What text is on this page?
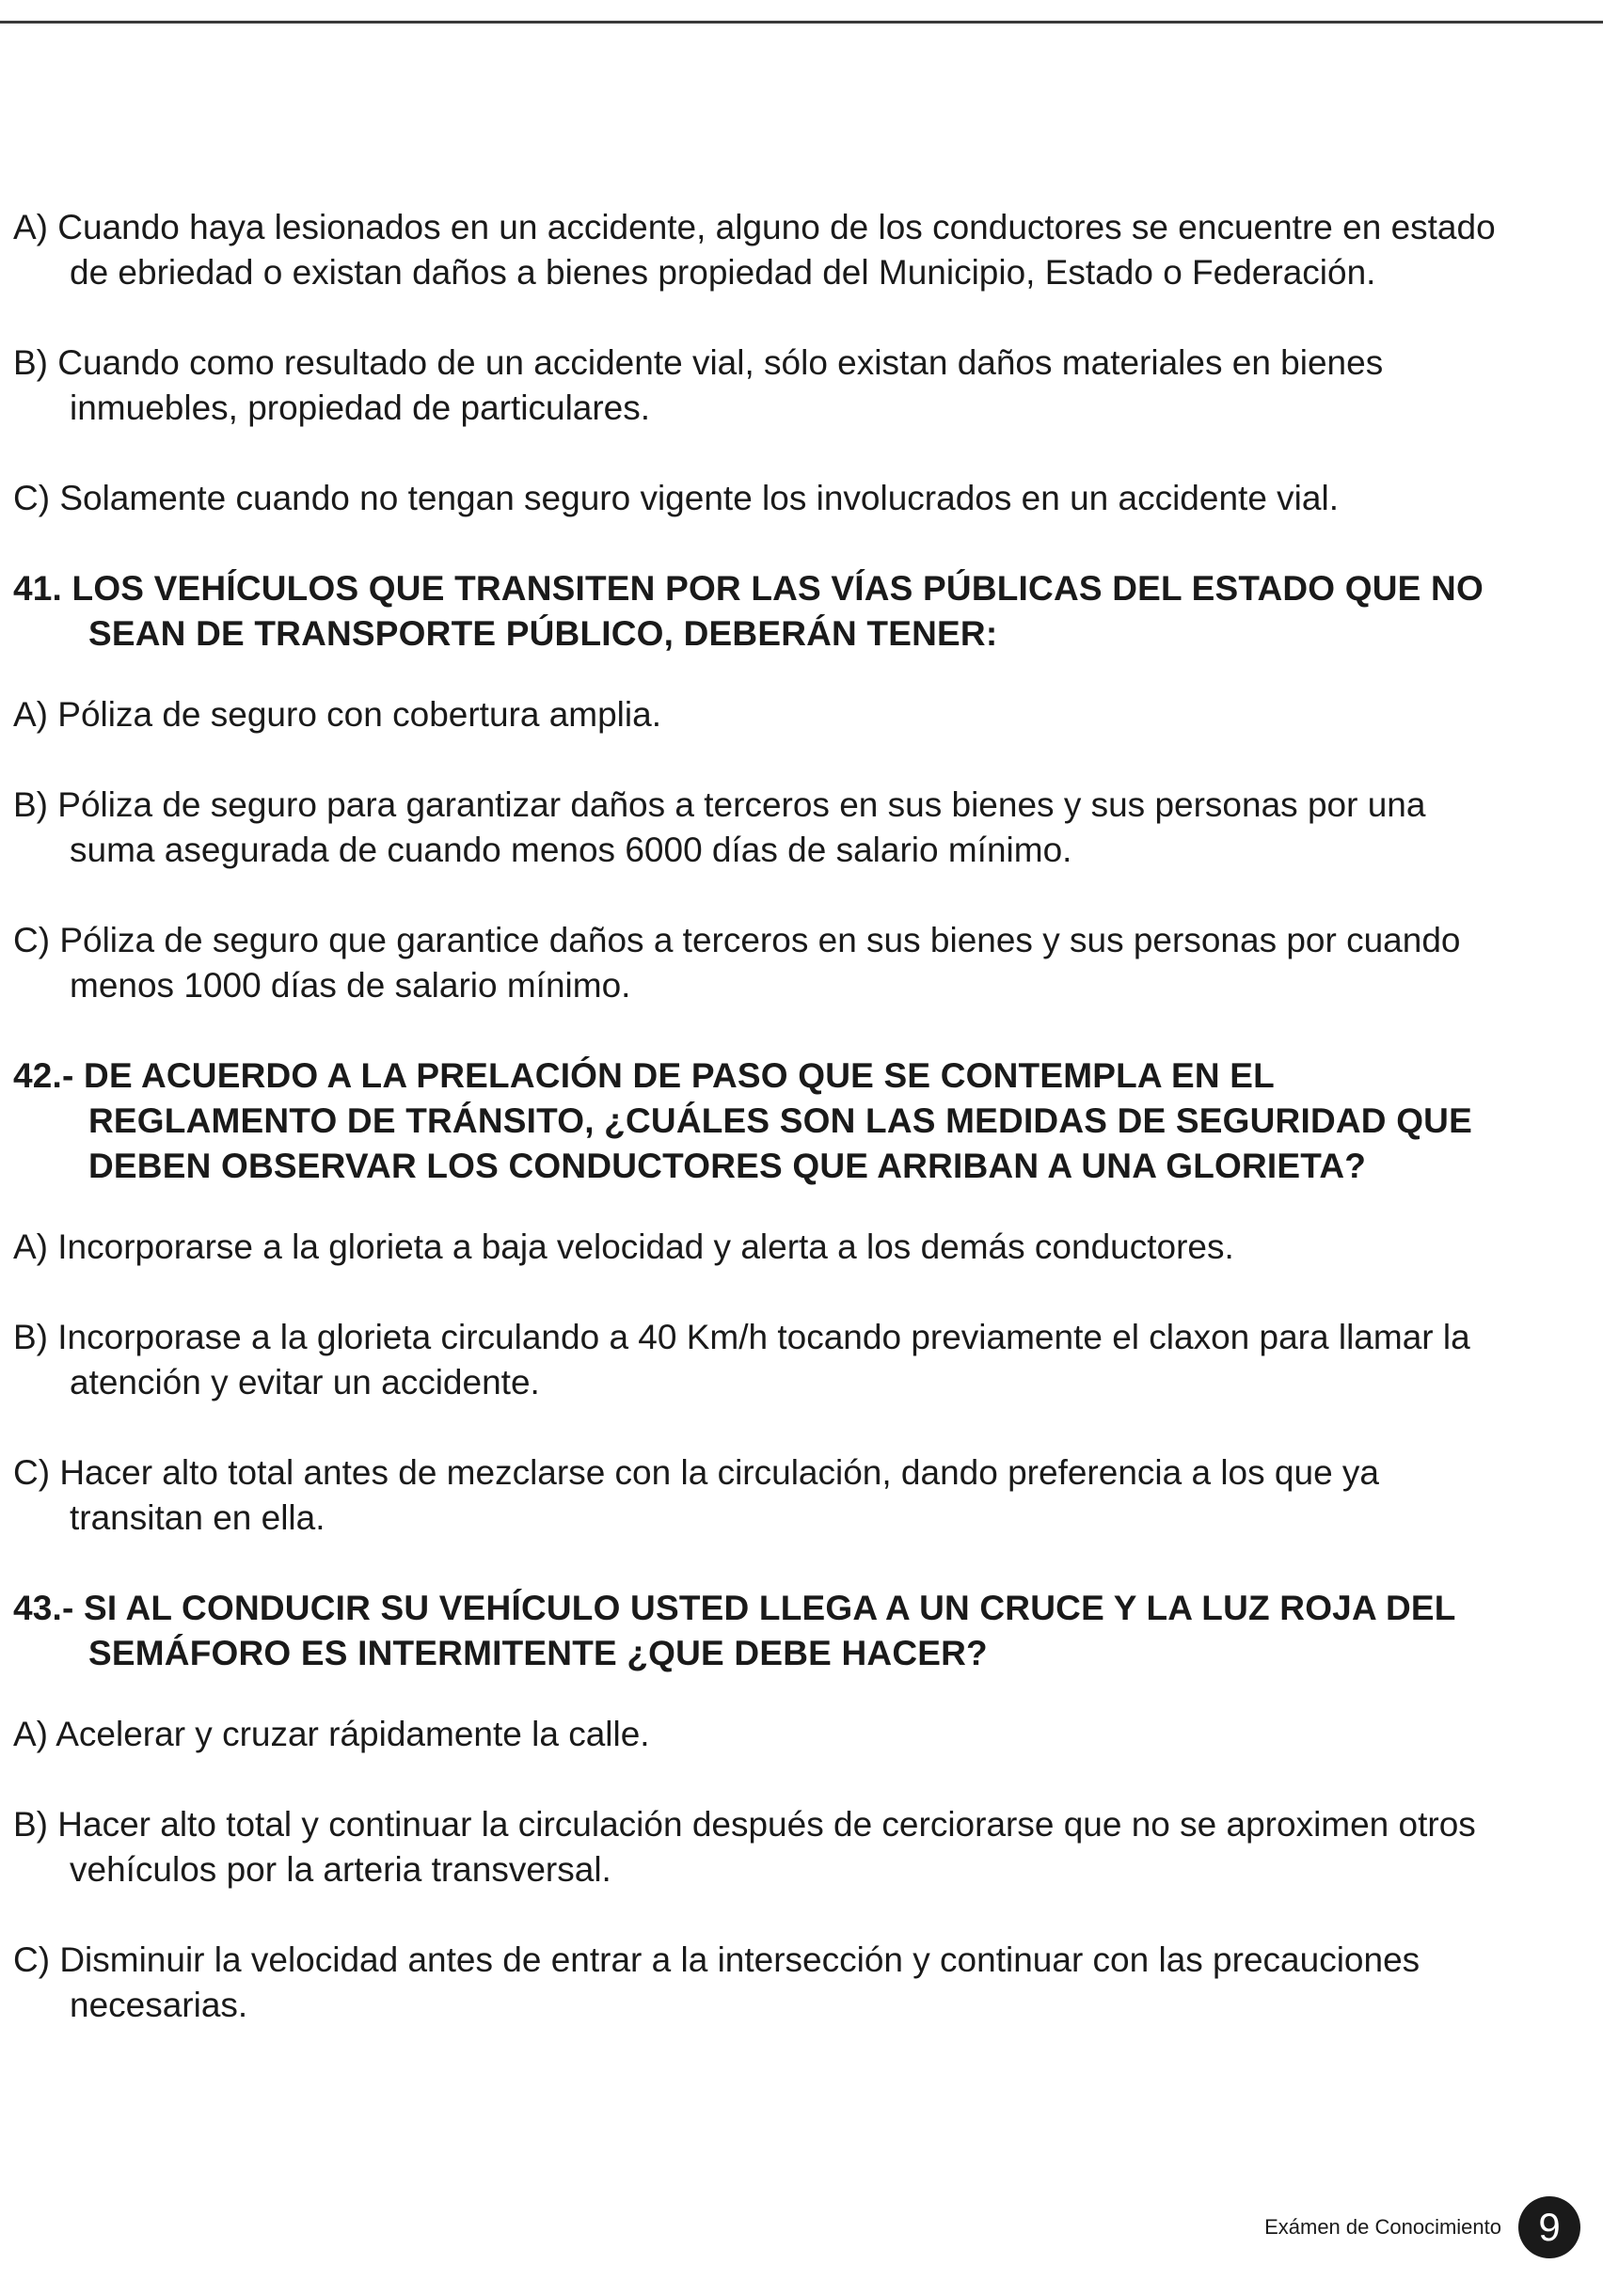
A) Cuando haya lesionados en un accidente, alguno de los conductores se encuentre en estado de ebriedad o existan daños a bienes propiedad del Municipio, Estado o Federación.
B) Cuando como resultado de un accidente vial, sólo existan daños materiales en bienes inmuebles, propiedad de particulares.
C) Solamente cuando no tengan seguro vigente los involucrados en un accidente vial.
41. LOS VEHÍCULOS QUE TRANSITEN POR LAS VÍAS PÚBLICAS DEL ESTADO QUE NO SEAN DE TRANSPORTE PÚBLICO, DEBERÁN TENER:
A) Póliza de seguro con cobertura amplia.
B) Póliza de seguro para garantizar daños a terceros en sus bienes y sus personas por una suma asegurada de cuando menos 6000 días de salario mínimo.
C) Póliza de seguro que garantice daños a terceros en sus bienes y sus personas por cuando menos 1000 días de salario mínimo.
42.- DE ACUERDO A LA PRELACIÓN DE PASO QUE SE CONTEMPLA EN EL REGLAMENTO DE TRÁNSITO, ¿CUÁLES SON LAS MEDIDAS DE SEGURIDAD QUE DEBEN OBSERVAR LOS CONDUCTORES QUE ARRIBAN A UNA GLORIETA?
A) Incorporarse a la glorieta a baja velocidad y alerta a los demás conductores.
B) Incorporase a la glorieta circulando a 40 Km/h tocando previamente el claxon para llamar la atención y evitar un accidente.
C) Hacer alto total antes de mezclarse con la circulación, dando preferencia a los que ya transitan en ella.
43.- SI AL CONDUCIR SU VEHÍCULO USTED LLEGA A UN CRUCE Y LA LUZ ROJA DEL SEMÁFORO ES INTERMITENTE ¿QUE DEBE HACER?
A) Acelerar y cruzar rápidamente la calle.
B) Hacer alto total y continuar la circulación después de cerciorarse que no se aproximen otros vehículos por la arteria transversal.
C) Disminuir la velocidad antes de entrar a la intersección y continuar con las precauciones necesarias.
Exámen de Conocimiento 9
